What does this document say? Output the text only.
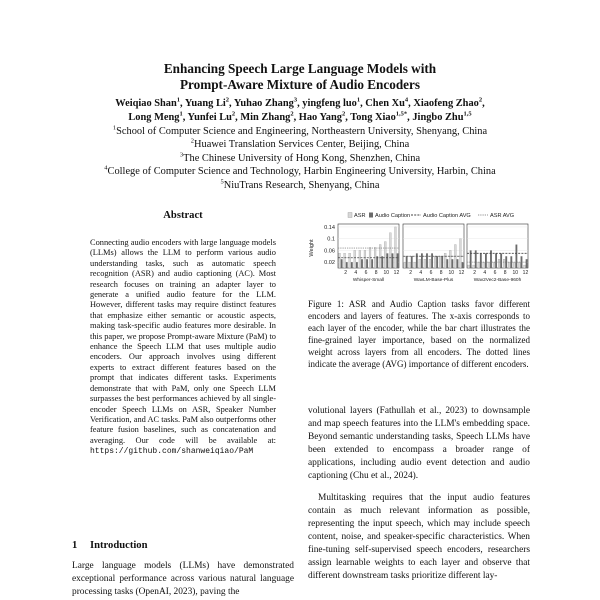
Enhancing Speech Large Language Models with
Prompt-Aware Mixture of Audio Encoders
Weiqiao Shan$^1$, Yuang Li$^2$, Yuhao Zhang$^3$, yingfeng luo$^1$, Chen Xu$^4$, Xiaofeng Zhao$^2$,
Long Meng$^1$, Yunfei Lu$^2$, Min Zhang$^2$, Hao Yang$^2$, Tong Xiao$^{1,5*}$, Jingbo Zhu$^{1,5}$
$^1$School of Computer Science and Engineering, Northeastern University, Shenyang, China
$^2$Huawei Translation Services Center, Beijing, China
$^3$The Chinese University of Hong Kong, Shenzhen, China
$^4$College of Computer Science and Technology, Harbin Engineering University, Harbin, China
$^5$NiuTrans Research, Shenyang, China
Abstract
Connecting audio encoders with large language models (LLMs) allows the LLM to perform various audio understanding tasks, such as automatic speech recognition (ASR) and audio captioning (AC). Most research focuses on training an adapter layer to generate a unified audio feature for the LLM. However, different tasks may require distinct features that emphasize either semantic or acoustic aspects, making task-specific audio features more desirable. In this paper, we propose Prompt-aware Mixture (PaM) to enhance the Speech LLM that uses multiple audio encoders. Our approach involves using different experts to extract different features based on the prompt that indicates different tasks. Experiments demonstrate that with PaM, only one Speech LLM surpasses the best performances achieved by all single-encoder Speech LLMs on ASR, Speaker Number Verification, and AC tasks. PaM also outperforms other feature fusion baselines, such as concatenation and averaging. Our code will be available at: https://github.com/shanweiqiao/PaM
1 Introduction
Large language models (LLMs) have demonstrated exceptional performance across various natural language processing tasks (OpenAI, 2023), paving the
ASR Audio Caption Audio Caption AVG	ASR AVG
Weight
0.14
0.1
0.06
0.02
2 4 6 8 10 12
Whisper-Small
2 4 6 8 10 12
WavLM-Base-Plus
2 4 6 8 10 12
Wav2Vec2-Base-960h
Figure 1: ASR and Audio Caption tasks favor different encoders and layers of features. The x-axis corresponds to each layer of the encoder, while the bar chart illustrates the fine-grained layer importance, based on the normalized weight across layers from all encoders. The dotted lines indicate the average (AVG) importance of different encoders.

volutional layers (Fathullah et al., 2023) to downsample and map speech features into the LLM's embedding space. Beyond semantic understanding tasks, Speech LLMs have been extended to encompass a broader range of applications, including audio event detection and audio captioning (Chu et al., 2024).

Multitasking requires that the input audio features contain as much relevant information as possible, representing the input speech, which may include speech content, noise, and speaker-specific characteristics. When fine-tuning self-supervised speech encoders, researchers assign learnable weights to each layer and observe that different downstream tasks prioritize different lay-
